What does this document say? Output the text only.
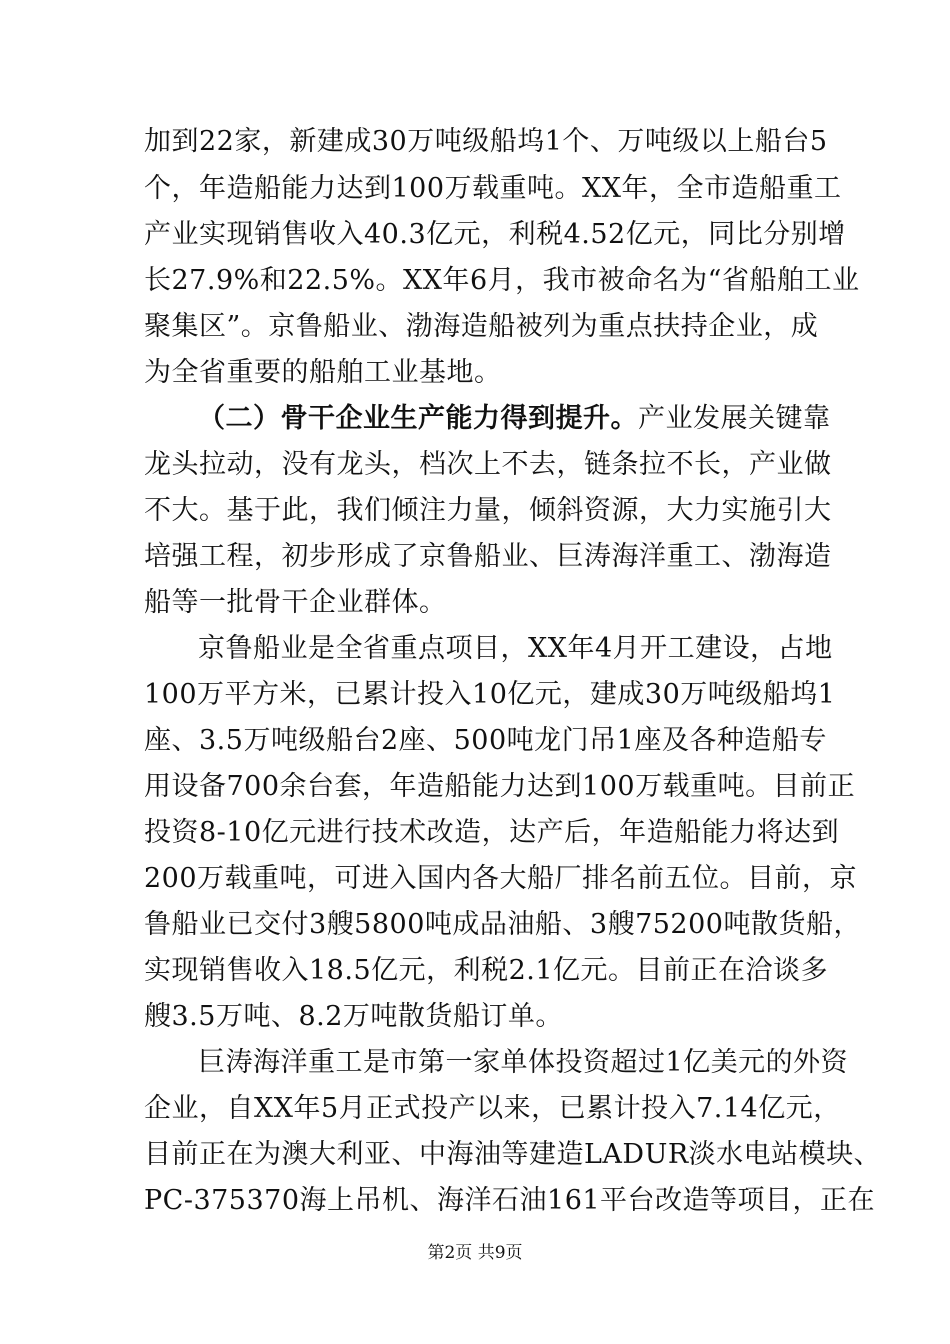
加到22家，新建成30万吨级船坞1个、万吨级以上船台5
个，年造船能力达到100万载重吨。XX年，全市造船重工
产业实现销售收入40.3亿元，利税4.52亿元，同比分别增
长27.9%和22.5%。XX年6月，我市被命名为“省船舶工业
聚集区”。京鲁船业、渤海造船被列为重点扶持企业，成
为全省重要的船舶工业基地。
（二）骨干企业生产能力得到提升。产业发展关键靠
龙头拉动，没有龙头，档次上不去，链条拉不长，产业做
不大。基于此，我们倾注力量，倾斜资源，大力实施引大
培强工程，初步形成了京鲁船业、巨涛海洋重工、渤海造
船等一批骨干企业群体。
京鲁船业是全省重点项目，XX年4月开工建设，占地
100万平方米，已累计投入10亿元，建成30万吨级船坞1
座、3.5万吨级船台2座、500吨龙门吊1座及各种造船专
用设备700余台套，年造船能力达到100万载重吨。目前正
投资8-10亿元进行技术改造，达产后，年造船能力将达到
200万载重吨，可进入国内各大船厂排名前五位。目前，京
鲁船业已交付3艘5800吨成品油船、3艘75200吨散货船，
实现销售收入18.5亿元，利税2.1亿元。目前正在洽谈多
艘3.5万吨、8.2万吨散货船订单。
巨涛海洋重工是市第一家单体投资超过1亿美元的外资
企业，自XX年5月正式投产以来，已累计投入7.14亿元，
目前正在为澳大利亚、中海油等建造LADUR淡水电站模块、
PC-375370海上吊机、海洋石油161平台改造等项目，正在
第2页 共9页
